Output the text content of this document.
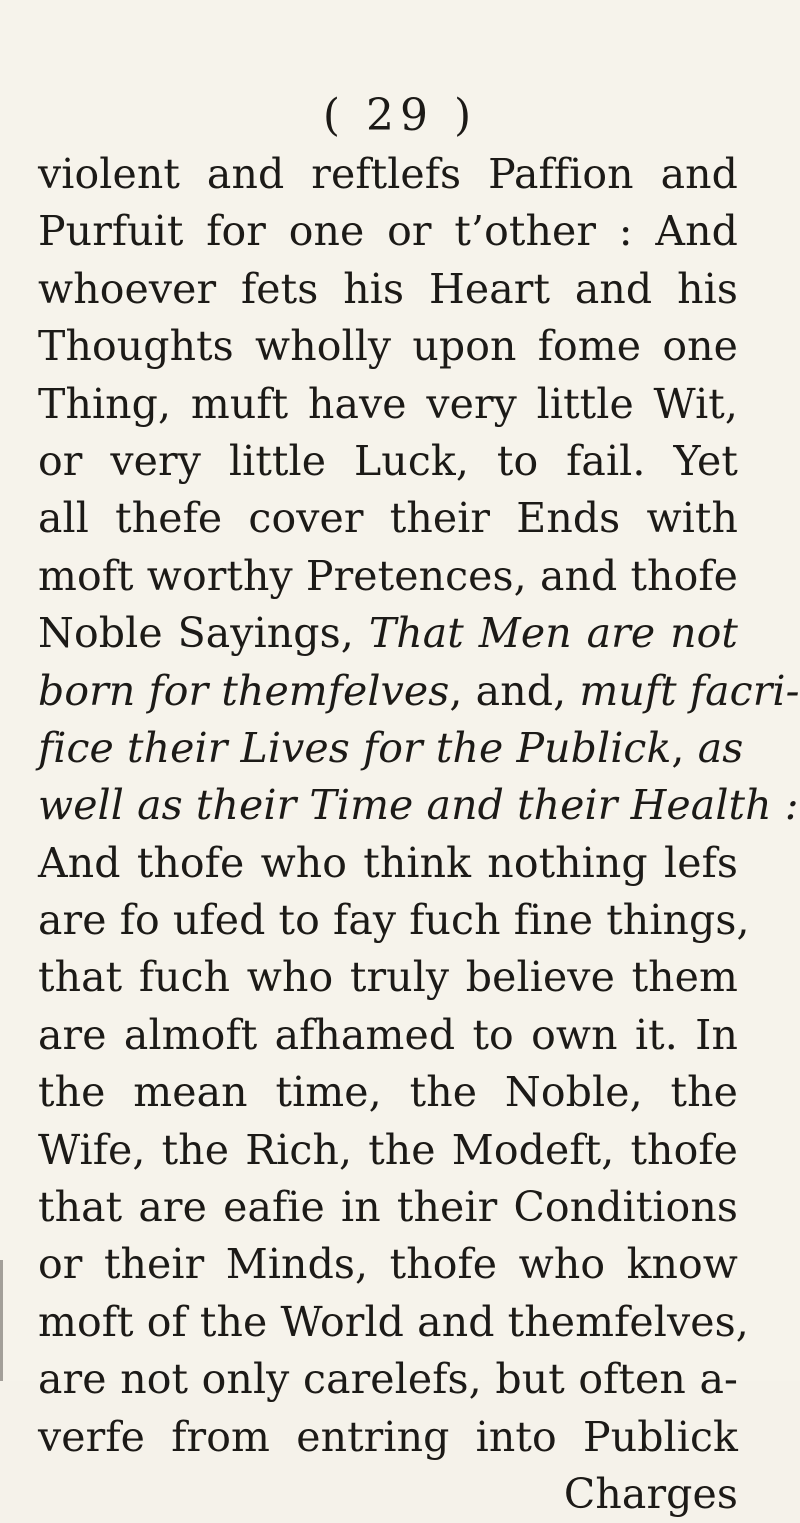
( 29 )
violent and reftlefs Paffion and
Purfuit for one or t’other : And
whoever fets his Heart and his
Thoughts wholly upon fome one
Thing, muft have very little Wit,
or very little Luck, to fail. Yet
all thefe cover their Ends with
moft worthy Pretences, and thofe
Noble Sayings, That Men are not
born for themfelves, and, muft facri-
fice their Lives for the Publick, as
well as their Time and their Health :
And thofe who think nothing lefs
are fo ufed to fay fuch fine things,
that fuch who truly believe them
are almoft afhamed to own it. In
the mean time, the Noble, the
Wife, the Rich, the Modeft, thofe
that are eafie in their Conditions
or their Minds, thofe who know
moft of the World and themfelves,
are not only carelefs, but often a-
verfe from entring into Publick
Charges
